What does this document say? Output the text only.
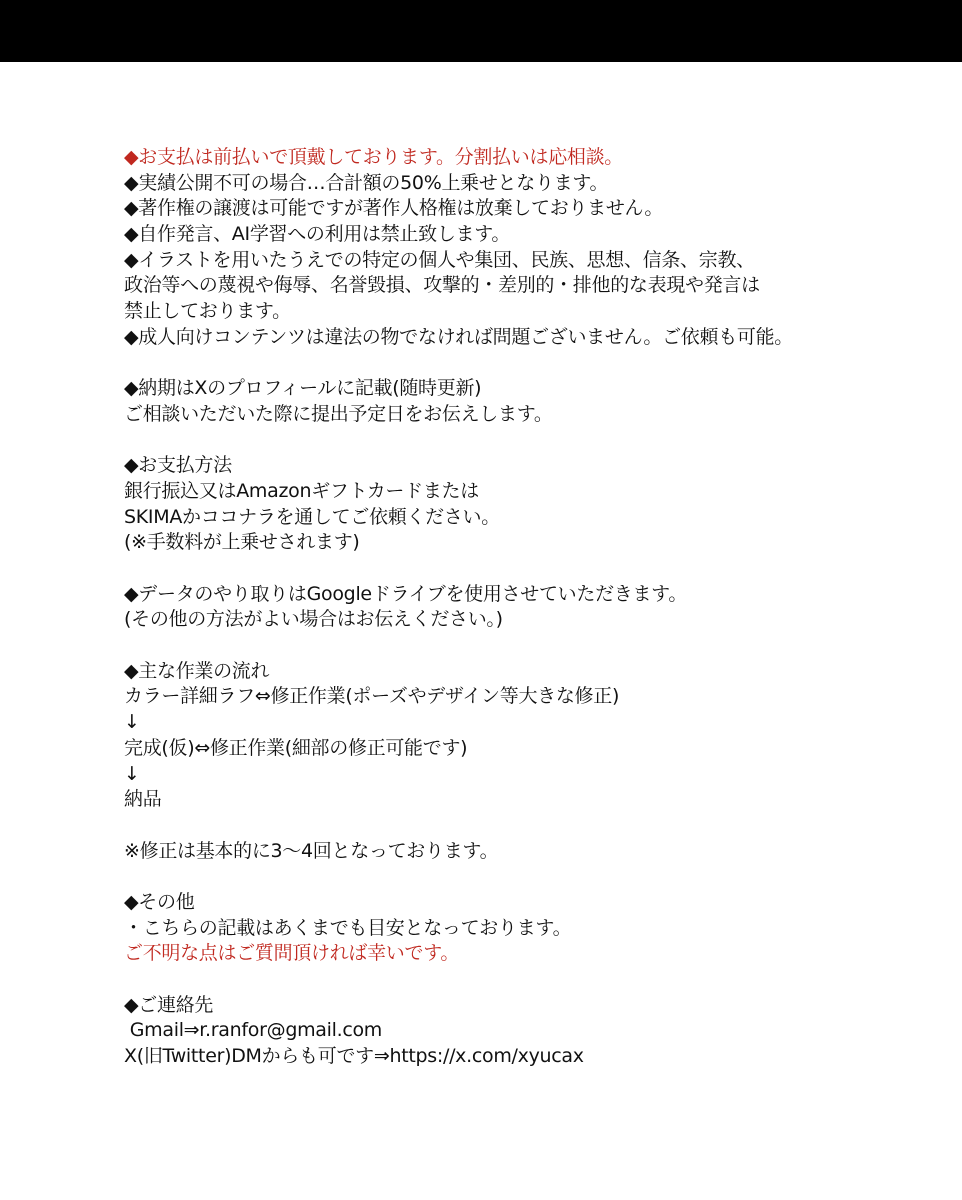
◆お支払は前払いで頂戴しております。分割払いは応相談。
◆実績公開不可の場合…合計額の50%上乗せとなります。
◆著作権の譲渡は可能ですが著作人格権は放棄しておりません。
◆自作発言、AI学習への利用は禁止致します。
◆イラストを用いたうえでの特定の個人や集団、民族、思想、信条、宗教、
政治等への蔑視や侮辱、名誉毀損、攻撃的・差別的・排他的な表現や発言は
禁止しております。
◆成人向けコンテンツは違法の物でなければ問題ございません。ご依頼も可能。
◆納期はXのプロフィールに記載(随時更新)
ご相談いただいた際に提出予定日をお伝えします。
◆お支払方法
銀行振込又はAmazonギフトカードまたは
SKIMAかココナラを通してご依頼ください。
(※手数料が上乗せされます)
◆データのやり取りはGoogleドライブを使用させていただきます。
(その他の方法がよい場合はお伝えください。)
◆主な作業の流れ
カラー詳細ラフ⇔修正作業(ポーズやデザイン等大きな修正)
↓
完成(仮)⇔修正作業(細部の修正可能です)
↓
納品
※修正は基本的に3〜4回となっております。
◆その他
・こちらの記載はあくまでも目安となっております。
ご不明な点はご質問頂ければ幸いです。
◆ご連絡先
Gmail⇒r.ranfor@gmail.com
X(旧Twitter)DMからも可です⇒https://x.com/xyucax
